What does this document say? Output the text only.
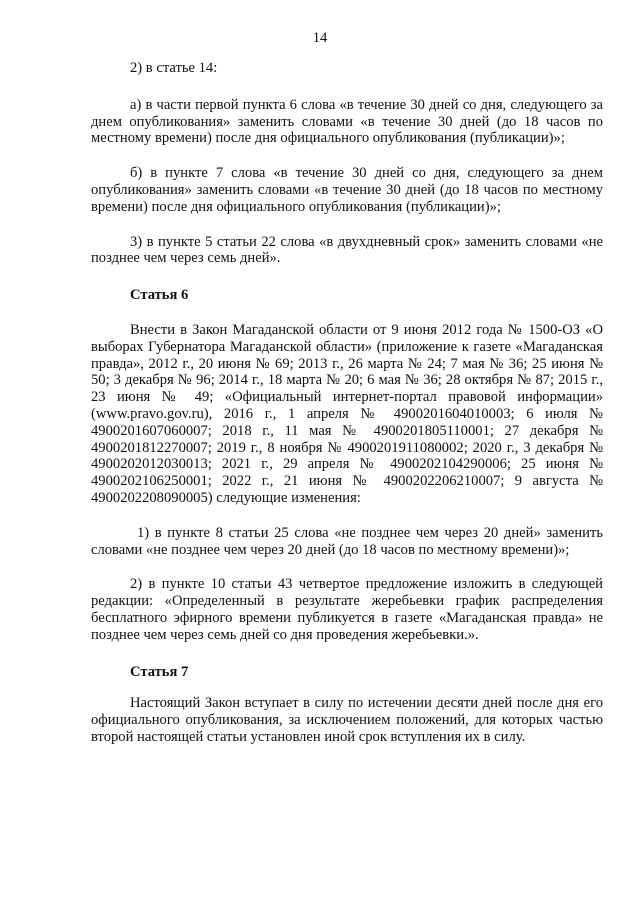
14

2) в статье 14:

а) в части первой пункта 6 слова «в течение 30 дней со дня, следующего за днем опубликования» заменить словами «в течение 30 дней (до 18 часов по местному времени) после дня официального опубликования (публикации)»;

б) в пункте 7 слова «в течение 30 дней со дня, следующего за днем опубликования» заменить словами «в течение 30 дней (до 18 часов по местному времени) после дня официального опубликования (публикации)»;

3) в пункте 5 статьи 22 слова «в двухдневный срок» заменить словами «не позднее чем через семь дней».

Статья 6

Внести в Закон Магаданской области от 9 июня 2012 года № 1500-ОЗ «О выборах Губернатора Магаданской области» (приложение к газете «Магаданская правда», 2012 г., 20 июня № 69; 2013 г., 26 марта № 24; 7 мая № 36; 25 июня № 50; 3 декабря № 96; 2014 г., 18 марта № 20; 6 мая № 36; 28 октября № 87; 2015 г., 23 июня № 49; «Официальный интернет-портал правовой информации» (www.pravo.gov.ru), 2016 г., 1 апреля № 4900201604010003; 6 июля № 4900201607060007; 2018 г., 11 мая № 4900201805110001; 27 декабря № 4900201812270007; 2019 г., 8 ноября № 4900201911080002; 2020 г., 3 декабря № 4900202012030013; 2021 г., 29 апреля № 4900202104290006; 25 июня № 4900202106250001; 2022 г., 21 июня № 4900202206210007; 9 августа № 4900202208090005) следующие изменения:

1) в пункте 8 статьи 25 слова «не позднее чем через 20 дней» заменить словами «не позднее чем через 20 дней (до 18 часов по местному времени)»;

2) в пункте 10 статьи 43 четвертое предложение изложить в следующей редакции: «Определенный в результате жеребьевки график распределения бесплатного эфирного времени публикуется в газете «Магаданская правда» не позднее чем через семь дней со дня проведения жеребьевки.».

Статья 7

Настоящий Закон вступает в силу по истечении десяти дней после дня его официального опубликования, за исключением положений, для которых частью второй настоящей статьи установлен иной срок вступления их в силу.
